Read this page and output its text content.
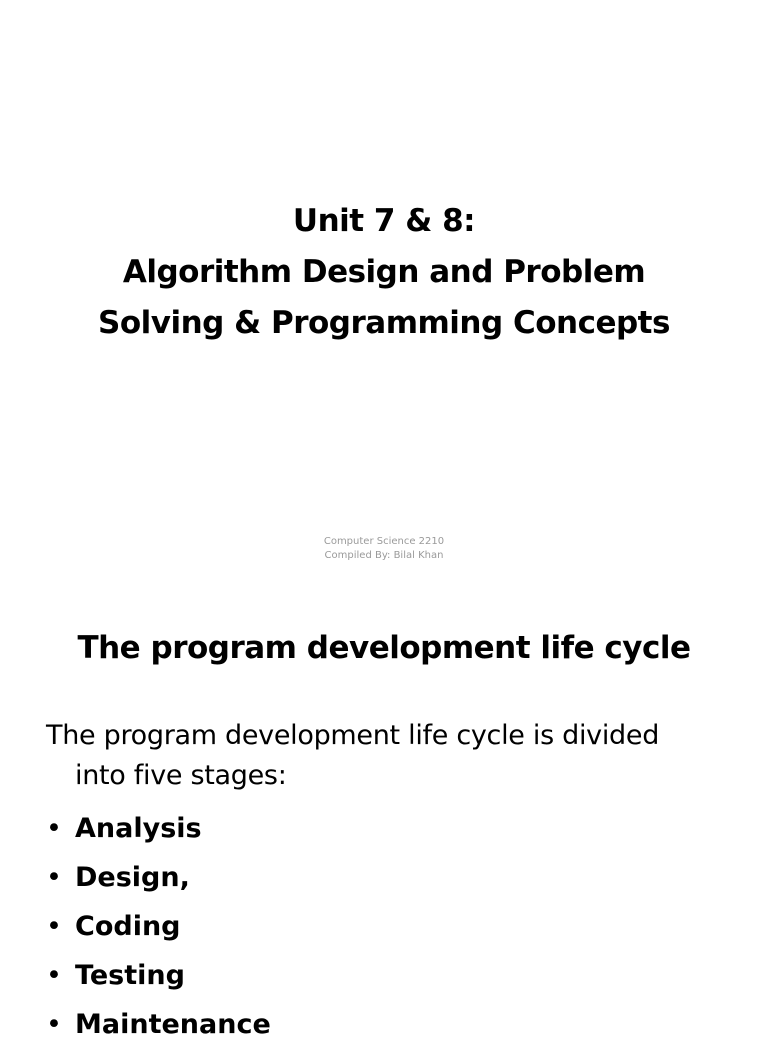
Unit 7 & 8:
Algorithm Design and Problem
Solving & Programming Concepts
Computer Science 2210
Compiled By: Bilal Khan
The program development life cycle
The program development life cycle is divided
into five stages:
• Analysis
• Design,
• Coding
• Testing
• Maintenance
